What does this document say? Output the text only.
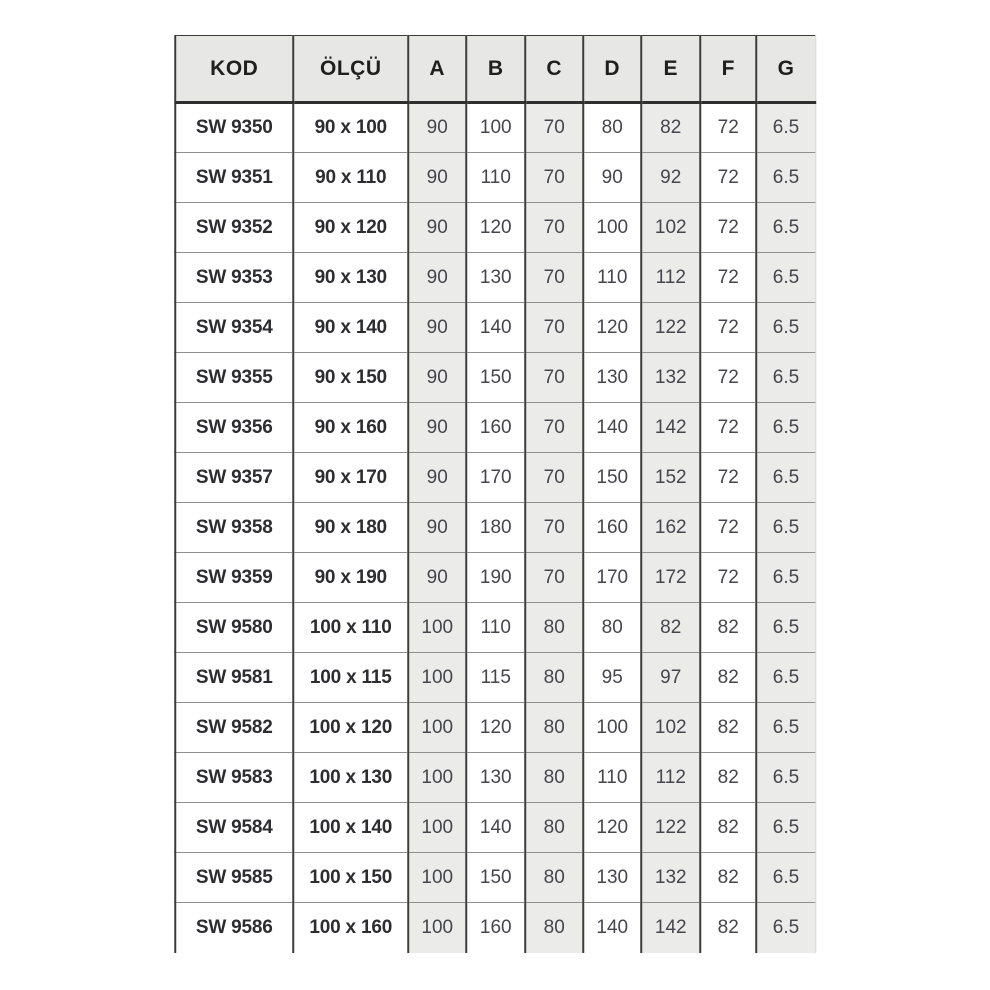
KOD	ÖLÇÜ	A	B	C	D	E	F	G
SW 9350	90 x 100	90	100	70	80	82	72	6.5
SW 9351	90 x 110	90	110	70	90	92	72	6.5
SW 9352	90 x 120	90	120	70	100	102	72	6.5
SW 9353	90 x 130	90	130	70	110	112	72	6.5
SW 9354	90 x 140	90	140	70	120	122	72	6.5
SW 9355	90 x 150	90	150	70	130	132	72	6.5
SW 9356	90 x 160	90	160	70	140	142	72	6.5
SW 9357	90 x 170	90	170	70	150	152	72	6.5
SW 9358	90 x 180	90	180	70	160	162	72	6.5
SW 9359	90 x 190	90	190	70	170	172	72	6.5
SW 9580	100 x 110	100	110	80	80	82	82	6.5
SW 9581	100 x 115	100	115	80	95	97	82	6.5
SW 9582	100 x 120	100	120	80	100	102	82	6.5
SW 9583	100 x 130	100	130	80	110	112	82	6.5
SW 9584	100 x 140	100	140	80	120	122	82	6.5
SW 9585	100 x 150	100	150	80	130	132	82	6.5
SW 9586	100 x 160	100	160	80	140	142	82	6.5
